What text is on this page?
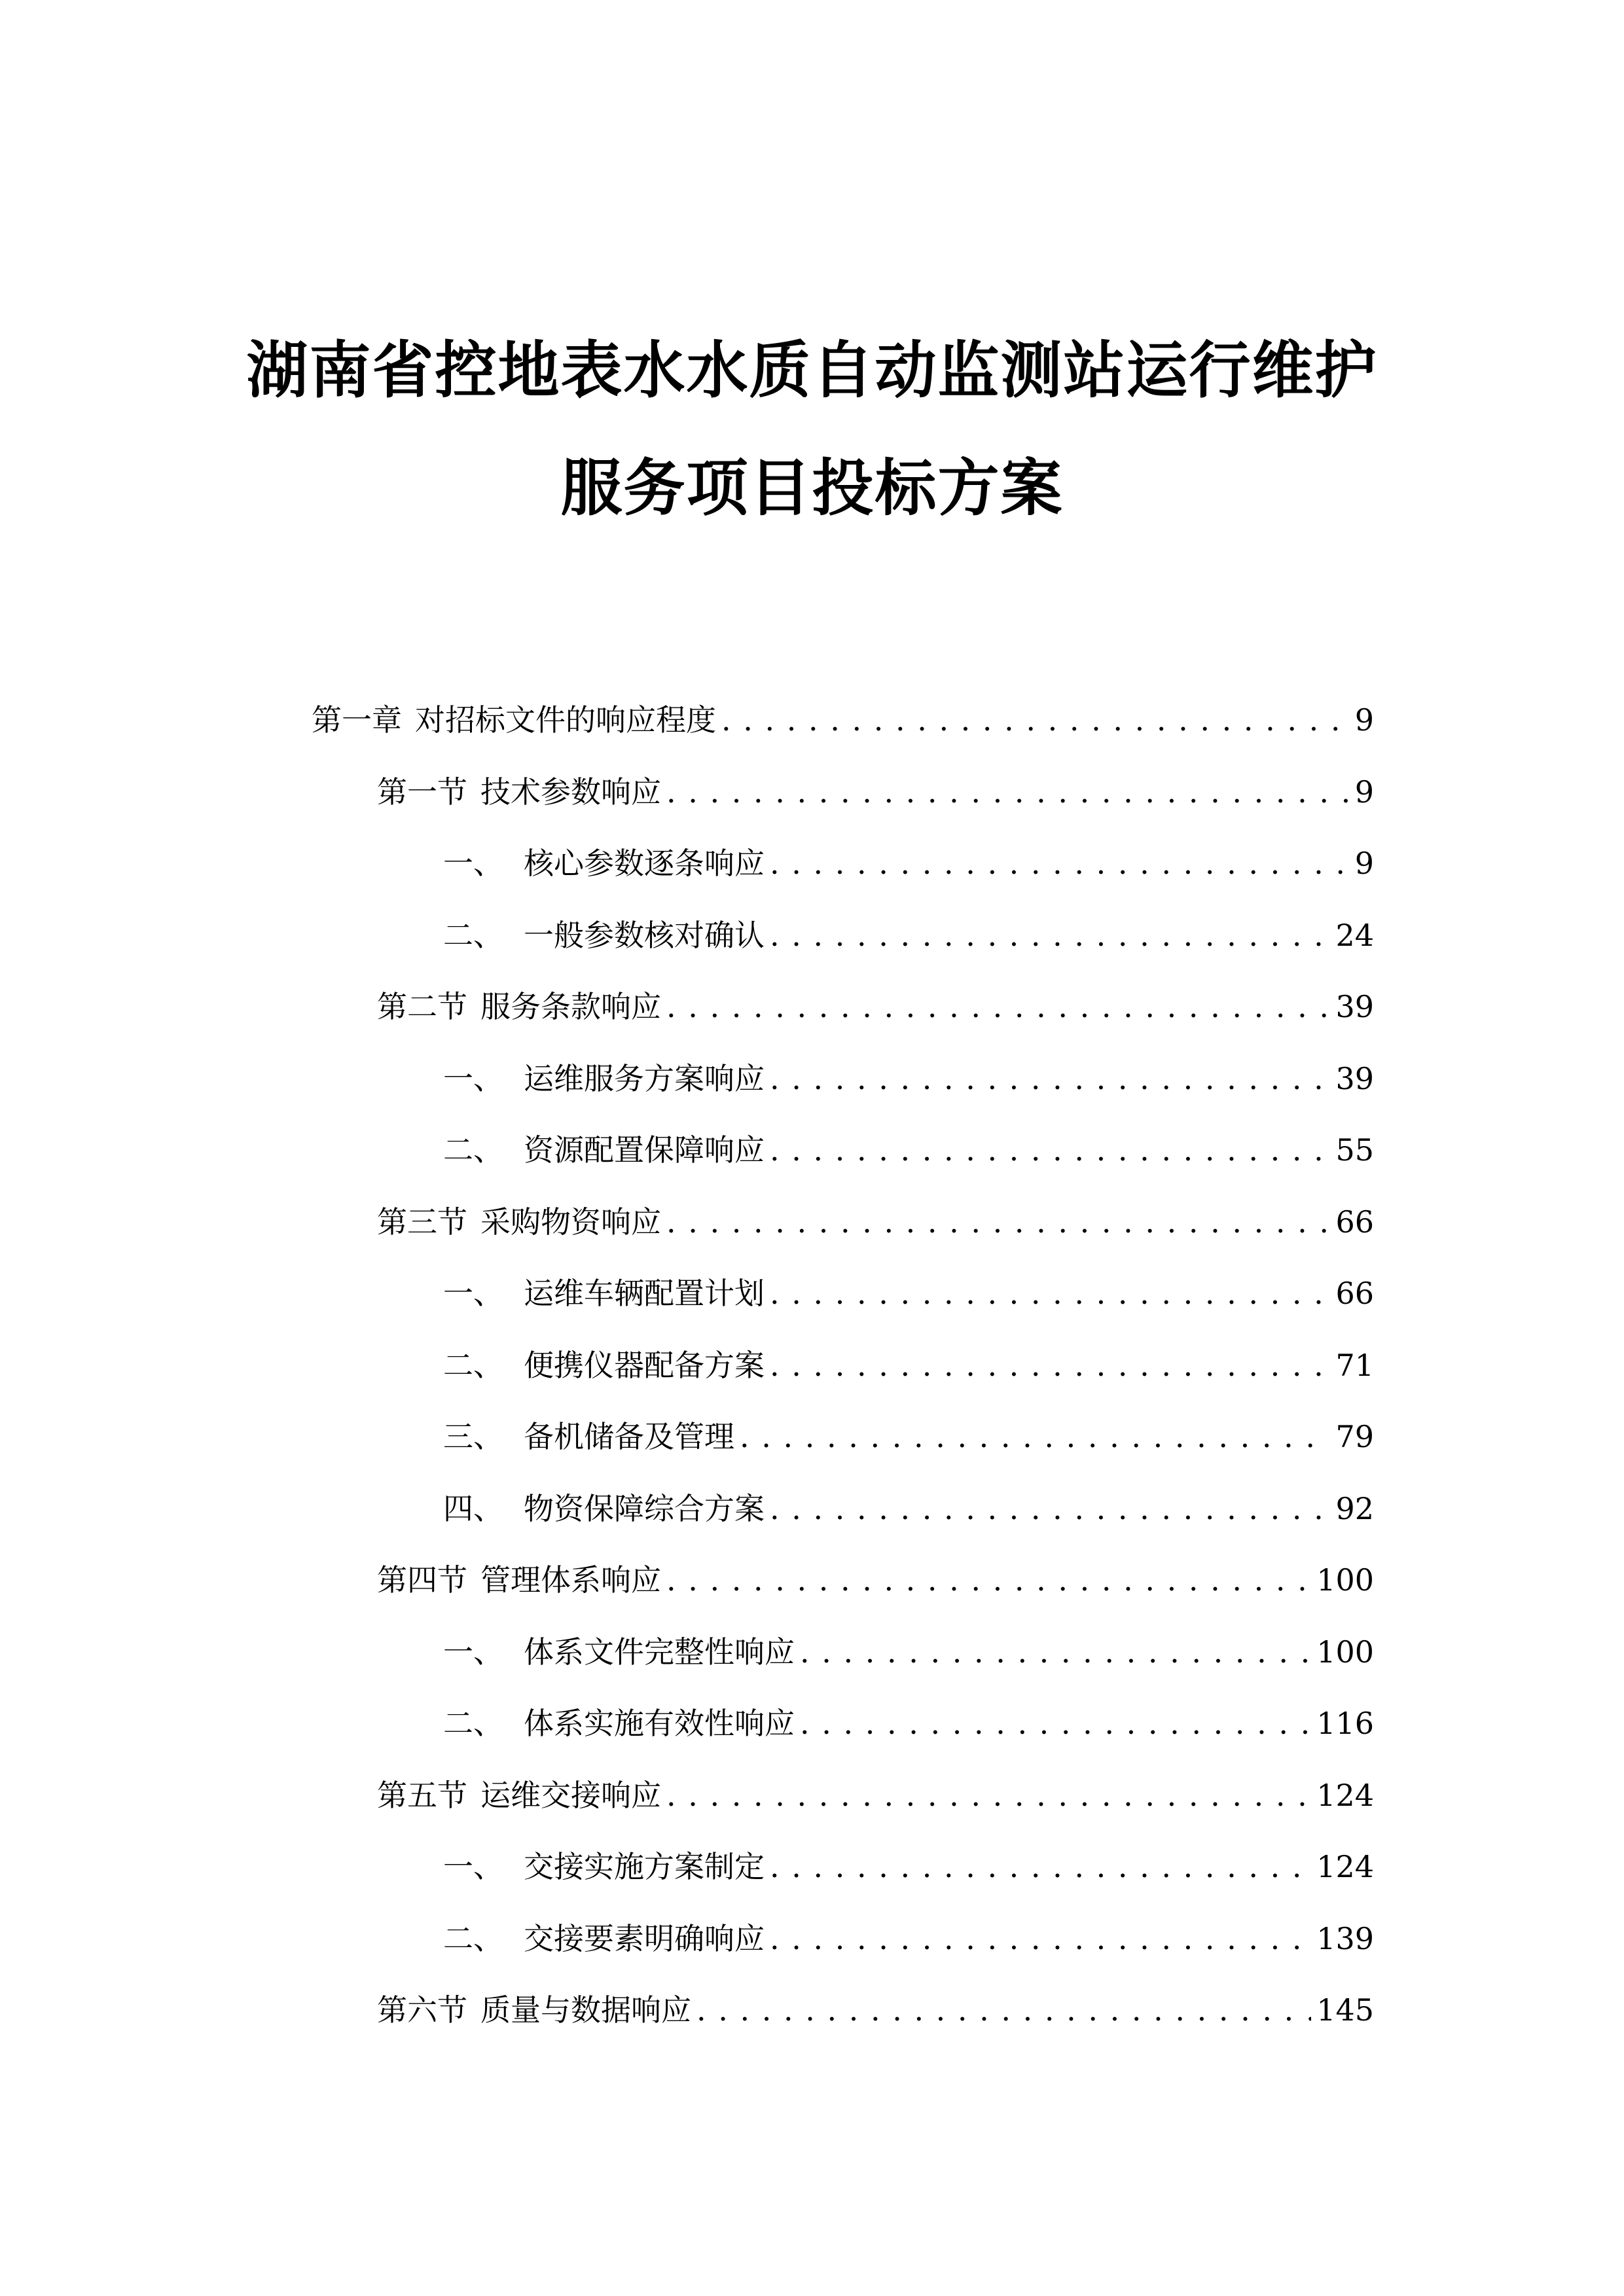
湖南省控地表水水质自动监测站运行维护
服务项目投标方案
第一章 对招标文件的响应程度 . . .	9
第一节 技术参数响应 . . .	9
一、 核心参数逐条响应 . . .	9
二、 一般参数核对确认 . . .	24
第二节 服务条款响应 . . .	39
一、 运维服务方案响应 . . .	39
二、 资源配置保障响应 . . .	55
第三节 采购物资响应 . . .	66
一、 运维车辆配置计划 . . .	66
二、 便携仪器配备方案 . . .	71
三、 备机储备及管理 . . .	79
四、 物资保障综合方案 . . .	92
第四节 管理体系响应 . . .	100
一、 体系文件完整性响应 . . .	100
二、 体系实施有效性响应 . . .	116
第五节 运维交接响应 . . .	124
一、 交接实施方案制定 . . .	124
二、 交接要素明确响应 . . .	139
第六节 质量与数据响应 . . .	145
